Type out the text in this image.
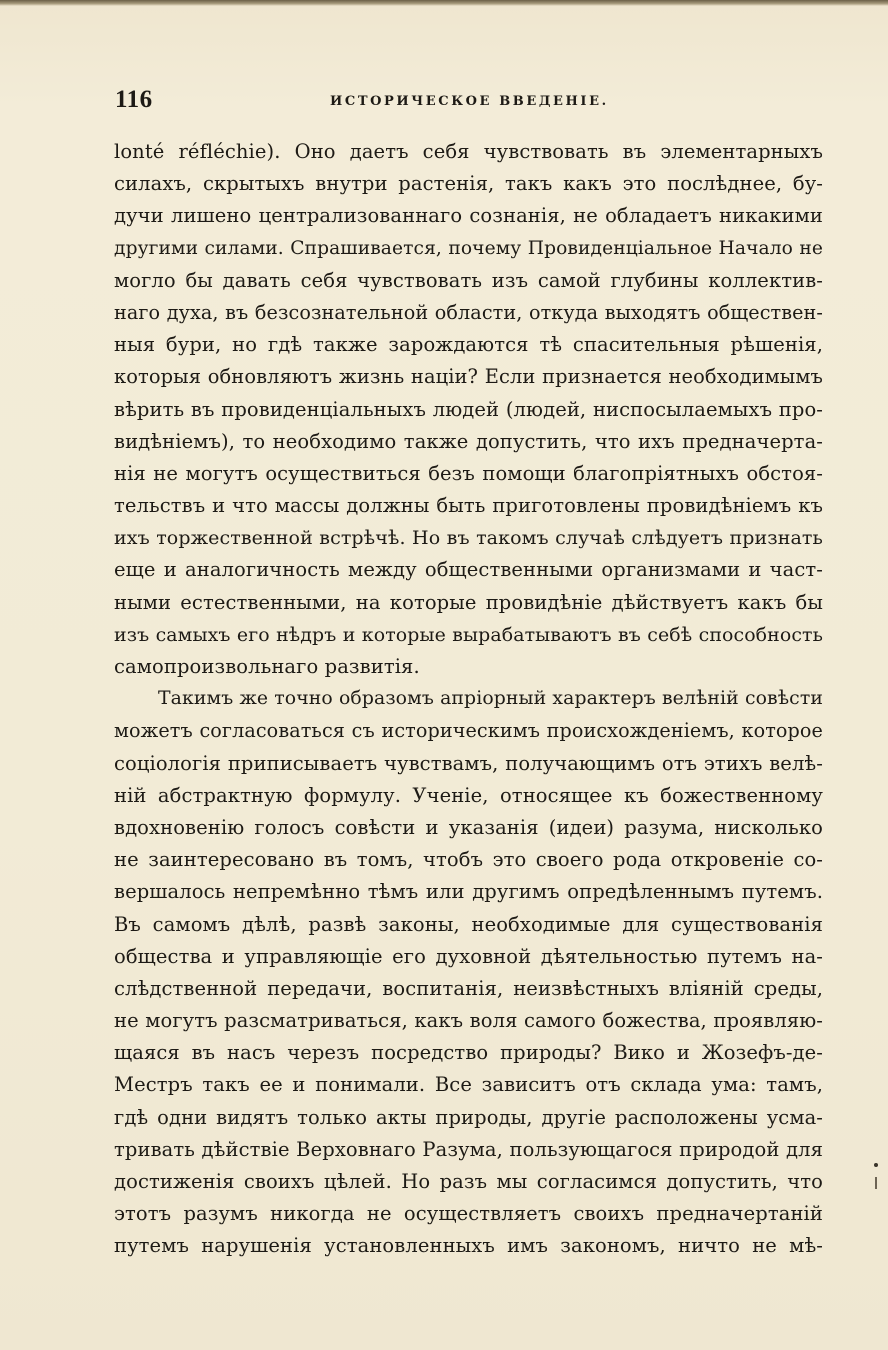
116	ИСТОРИЧЕСКОЕ ВВЕДЕНIЕ.
lonté réfléchie). Оно даетъ себя чувствовать въ элементарныхъ
силахъ, скрытыхъ внутри растенія, такъ какъ это послѣднее, бу-
дучи лишено централизованнаго сознанія, не обладаетъ никакими
другими силами. Спрашивается, почему Провиденціальное Начало не
могло бы давать себя чувствовать изъ самой глубины коллектив-
наго духа, въ безсознательной области, откуда выходятъ обществен-
ныя бури, но гдѣ также зарождаются тѣ спасительныя рѣшенія,
которыя обновляютъ жизнь націи? Если признается необходимымъ
вѣрить въ провиденціальныхъ людей (людей, ниспосылаемыхъ про-
видѣніемъ), то необходимо также допустить, что ихъ предначерта-
нія не могутъ осуществиться безъ помощи благопріятныхъ обстоя-
тельствъ и что массы должны быть приготовлены провидѣніемъ къ
ихъ торжественной встрѣчѣ. Но въ такомъ случаѣ слѣдуетъ признать
еще и аналогичность между общественными организмами и част-
ными естественными, на которые провидѣніе дѣйствуетъ какъ бы
изъ самыхъ его нѣдръ и которые вырабатываютъ въ себѣ способность
самопроизвольнаго развитія.
Такимъ же точно образомъ апріорный характеръ велѣній совѣсти
можетъ согласоваться съ историческимъ происхожденіемъ, которое
соціологія приписываетъ чувствамъ, получающимъ отъ этихъ велѣ-
ній абстрактную формулу. Ученіе, относящее къ божественному
вдохновенію голосъ совѣсти и указанія (идеи) разума, нисколько
не заинтересовано въ томъ, чтобъ это своего рода откровеніе со-
вершалось непремѣнно тѣмъ или другимъ опредѣленнымъ путемъ.
Въ самомъ дѣлѣ, развѣ законы, необходимые для существованія
общества и управляющіе его духовной дѣятельностью путемъ на-
слѣдственной передачи, воспитанія, неизвѣстныхъ вліяній среды,
не могутъ разсматриваться, какъ воля самого божества, проявляю-
щаяся въ насъ черезъ посредство природы? Вико и Жозефъ-де-
Местръ такъ ее и понимали. Все зависитъ отъ склада ума: тамъ,
гдѣ одни видятъ только акты природы, другіе расположены усма-
тривать дѣйствіе Верховнаго Разума, пользующагося природой для
достиженія своихъ цѣлей. Но разъ мы согласимся допустить, что
этотъ разумъ никогда не осуществляетъ своихъ предначертаній
путемъ нарушенія установленныхъ имъ закономъ, ничто не мѣ-
